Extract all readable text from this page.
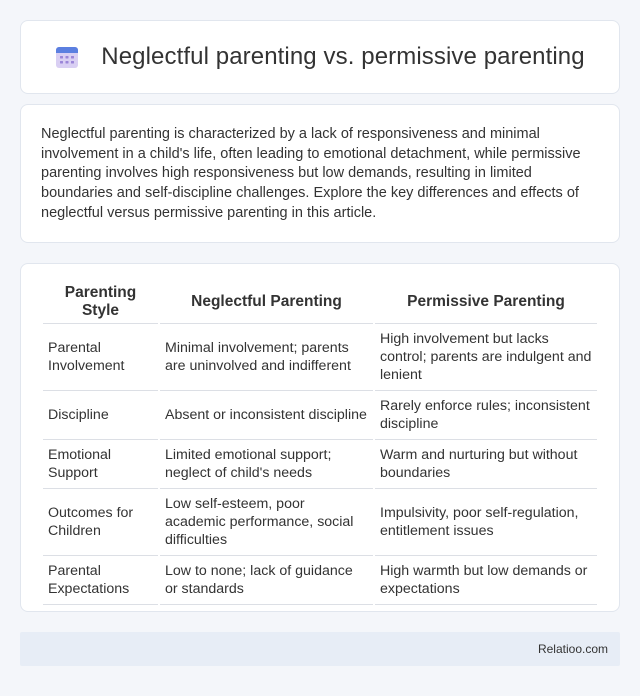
Neglectful parenting vs. permissive parenting

Neglectful parenting is characterized by a lack of responsiveness and minimal involvement in a child's life, often leading to emotional detachment, while permissive parenting involves high responsiveness but low demands, resulting in limited boundaries and self-discipline challenges. Explore the key differences and effects of neglectful versus permissive parenting in this article.

Parenting Style	Neglectful Parenting	Permissive Parenting
Parental Involvement	Minimal involvement; parents are uninvolved and indifferent	High involvement but lacks control; parents are indulgent and lenient
Discipline	Absent or inconsistent discipline	Rarely enforce rules; inconsistent discipline
Emotional Support	Limited emotional support; neglect of child's needs	Warm and nurturing but without boundaries
Outcomes for Children	Low self-esteem, poor academic performance, social difficulties	Impulsivity, poor self-regulation, entitlement issues
Parental Expectations	Low to none; lack of guidance or standards	High warmth but low demands or expectations
Relatioo.com
